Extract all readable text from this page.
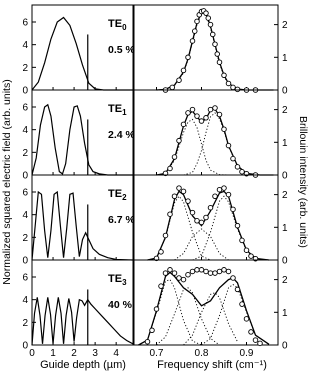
Normalized squared electric field (arb. units)	Brillouin intensity (arb. units)
Guide depth (µm)	Frequency shift (cm⁻¹)
0
2
4
6	$TE_0$
0.5 %
0
2
4
6	$TE_1$
2.4 %
0
2
4
6	$TE_2$
6.7 %
0
2
4
6
0 1 2 3 4
$TE_3$
40 %
0
1
2
0
1
2
0
1
2
0
1
2
0.7	0.8	0.9
